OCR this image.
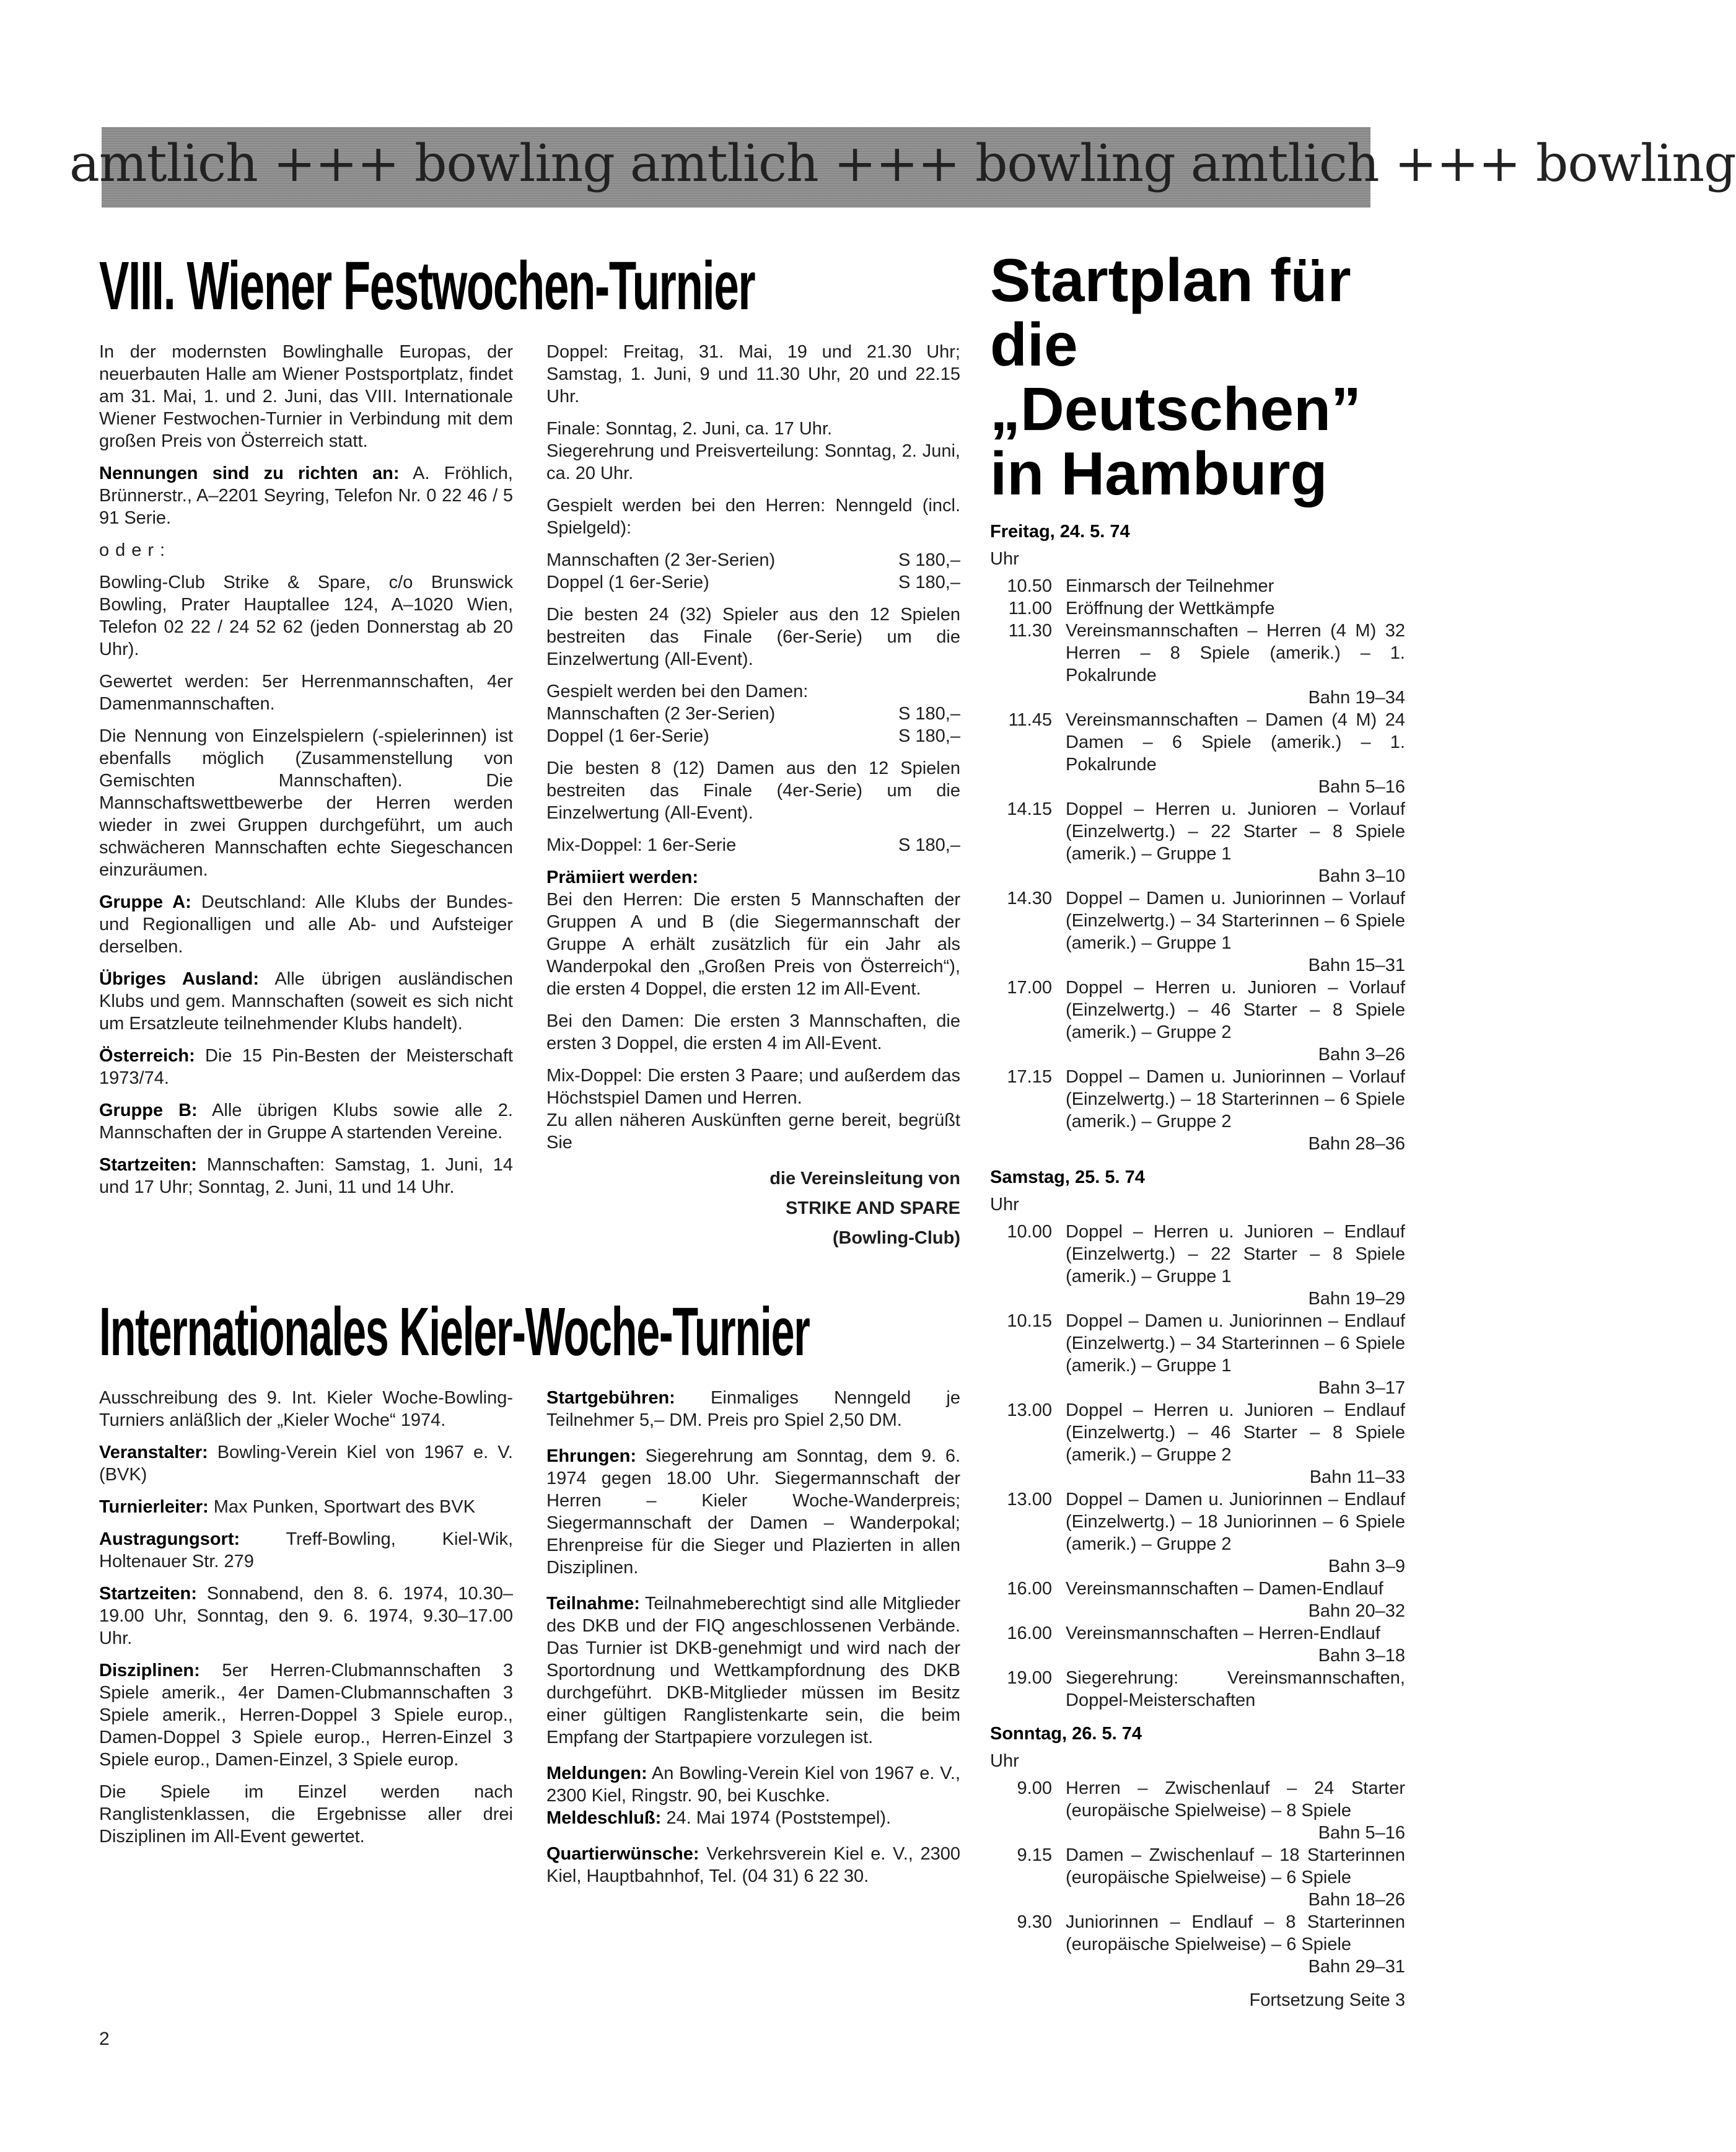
amtlich +++ bowling amtlich +++ bowling amtlich +++ bowling
VIII. Wiener Festwochen-Turnier

In der modernsten Bowlinghalle Europas, der neuerbauten Halle am Wiener Postsportplatz, findet am 31. Mai, 1. und 2. Juni, das VIII. Internationale Wiener Festwochen-Turnier in Verbindung mit dem großen Preis von Österreich statt.

Nennungen sind zu richten an: A. Fröhlich, Brünnerstr., A–2201 Seyring, Telefon Nr. 0 22 46 / 5 91 Serie.

oder:

Bowling-Club Strike & Spare, c/o Brunswick Bowling, Prater Hauptallee 124, A–1020 Wien, Telefon 02 22 / 24 52 62 (jeden Donnerstag ab 20 Uhr).

Gewertet werden: 5er Herrenmannschaften, 4er Damenmannschaften.

Die Nennung von Einzelspielern (-spielerinnen) ist ebenfalls möglich (Zusammenstellung von Gemischten Mannschaften). Die Mannschaftswettbewerbe der Herren werden wieder in zwei Gruppen durchgeführt, um auch schwächeren Mannschaften echte Siegeschancen einzuräumen.

Gruppe A: Deutschland: Alle Klubs der Bundes- und Regionalligen und alle Ab- und Aufsteiger derselben.

Übriges Ausland: Alle übrigen ausländischen Klubs und gem. Mannschaften (soweit es sich nicht um Ersatzleute teilnehmender Klubs handelt).

Österreich: Die 15 Pin-Besten der Meisterschaft 1973/74.

Gruppe B: Alle übrigen Klubs sowie alle 2. Mannschaften der in Gruppe A startenden Vereine.

Startzeiten: Mannschaften: Samstag, 1. Juni, 14 und 17 Uhr; Sonntag, 2. Juni, 11 und 14 Uhr.

Doppel: Freitag, 31. Mai, 19 und 21.30 Uhr; Samstag, 1. Juni, 9 und 11.30 Uhr, 20 und 22.15 Uhr.

Finale: Sonntag, 2. Juni, ca. 17 Uhr.

Siegerehrung und Preisverteilung: Sonntag, 2. Juni, ca. 20 Uhr.

Gespielt werden bei den Herren: Nenngeld (incl. Spielgeld):

Mannschaften (2 3er-Serien)	S 180,–
Doppel (1 6er-Serie)	S 180,–

Die besten 24 (32) Spieler aus den 12 Spielen bestreiten das Finale (6er-Serie) um die Einzelwertung (All-Event).

Gespielt werden bei den Damen:

Mannschaften (2 3er-Serien)	S 180,–
Doppel (1 6er-Serie)	S 180,–

Die besten 8 (12) Damen aus den 12 Spielen bestreiten das Finale (4er-Serie) um die Einzelwertung (All-Event).

Mix-Doppel: 1 6er-Serie	S 180,–

Prämiiert werden:

Bei den Herren: Die ersten 5 Mannschaften der Gruppen A und B (die Siegermannschaft der Gruppe A erhält zusätzlich für ein Jahr als Wanderpokal den „Großen Preis von Österreich“), die ersten 4 Doppel, die ersten 12 im All-Event.

Bei den Damen: Die ersten 3 Mannschaften, die ersten 3 Doppel, die ersten 4 im All-Event.

Mix-Doppel: Die ersten 3 Paare; und außerdem das Höchstspiel Damen und Herren.

Zu allen näheren Auskünften gerne bereit, begrüßt Sie

die Vereinsleitung von

STRIKE AND SPARE

(Bowling-Club)

Internationales Kieler-Woche-Turnier

Ausschreibung des 9. Int. Kieler Woche-Bowling-Turniers anläßlich der „Kieler Woche“ 1974.

Veranstalter: Bowling-Verein Kiel von 1967 e. V. (BVK)

Turnierleiter: Max Punken, Sportwart des BVK

Austragungsort: Treff-Bowling, Kiel-Wik, Holtenauer Str. 279

Startzeiten: Sonnabend, den 8. 6. 1974, 10.30–19.00 Uhr, Sonntag, den 9. 6. 1974, 9.30–17.00 Uhr.

Disziplinen: 5er Herren-Clubmannschaften 3 Spiele amerik., 4er Damen-Clubmannschaften 3 Spiele amerik., Herren-Doppel 3 Spiele europ., Damen-Doppel 3 Spiele europ., Herren-Einzel 3 Spiele europ., Damen-Einzel, 3 Spiele europ.

Die Spiele im Einzel werden nach Ranglistenklassen, die Ergebnisse aller drei Disziplinen im All-Event gewertet.

Startgebühren: Einmaliges Nenngeld je Teilnehmer 5,– DM. Preis pro Spiel 2,50 DM.

Ehrungen: Siegerehrung am Sonntag, dem 9. 6. 1974 gegen 18.00 Uhr. Siegermannschaft der Herren – Kieler Woche-Wanderpreis; Siegermannschaft der Damen – Wanderpokal; Ehrenpreise für die Sieger und Plazierten in allen Disziplinen.

Teilnahme: Teilnahmeberechtigt sind alle Mitglieder des DKB und der FIQ angeschlossenen Verbände. Das Turnier ist DKB-genehmigt und wird nach der Sportordnung und Wettkampfordnung des DKB durchgeführt. DKB-Mitglieder müssen im Besitz einer gültigen Ranglistenkarte sein, die beim Empfang der Startpapiere vorzulegen ist.

Meldungen: An Bowling-Verein Kiel von 1967 e. V., 2300 Kiel, Ringstr. 90, bei Kuschke.

Meldeschluß: 24. Mai 1974 (Poststempel).

Quartierwünsche: Verkehrsverein Kiel e. V., 2300 Kiel, Hauptbahnhof, Tel. (04 31) 6 22 30.

Startplan für
die
„Deutschen”
in Hamburg
Freitag, 24. 5. 74
Uhr
10.50 Einmarsch der Teilnehmer
11.00 Eröffnung der Wettkämpfe
11.30 Vereinsmannschaften – Herren (4 M) 32 Herren – 8 Spiele (amerik.) – 1. Pokalrunde
Bahn 19–34
11.45 Vereinsmannschaften – Damen (4 M) 24 Damen – 6 Spiele (amerik.) – 1. Pokalrunde
Bahn 5–16
14.15 Doppel – Herren u. Junioren – Vorlauf (Einzelwertg.) – 22 Starter – 8 Spiele (amerik.) – Gruppe 1
Bahn 3–10
14.30 Doppel – Damen u. Juniorinnen – Vorlauf (Einzelwertg.) – 34 Starterinnen – 6 Spiele (amerik.) – Gruppe 1
Bahn 15–31
17.00 Doppel – Herren u. Junioren – Vorlauf (Einzelwertg.) – 46 Starter – 8 Spiele (amerik.) – Gruppe 2
Bahn 3–26
17.15 Doppel – Damen u. Juniorinnen – Vorlauf (Einzelwertg.) – 18 Starterinnen – 6 Spiele (amerik.) – Gruppe 2
Bahn 28–36
Samstag, 25. 5. 74
Uhr
10.00 Doppel – Herren u. Junioren – Endlauf (Einzelwertg.) – 22 Starter – 8 Spiele (amerik.) – Gruppe 1
Bahn 19–29
10.15 Doppel – Damen u. Juniorinnen – Endlauf (Einzelwertg.) – 34 Starterinnen – 6 Spiele (amerik.) – Gruppe 1
Bahn 3–17
13.00 Doppel – Herren u. Junioren – Endlauf (Einzelwertg.) – 46 Starter – 8 Spiele (amerik.) – Gruppe 2
Bahn 11–33
13.00 Doppel – Damen u. Juniorinnen – Endlauf (Einzelwertg.) – 18 Juniorinnen – 6 Spiele (amerik.) – Gruppe 2
Bahn 3–9
16.00 Vereinsmannschaften – Damen-Endlauf
Bahn 20–32
16.00 Vereinsmannschaften – Herren-Endlauf
Bahn 3–18
19.00 Siegerehrung: Vereinsmannschaften, Doppel-Meisterschaften
Sonntag, 26. 5. 74
Uhr
9.00 Herren – Zwischenlauf – 24 Starter (europäische Spielweise) – 8 Spiele
Bahn 5–16
9.15 Damen – Zwischenlauf – 18 Starterinnen (europäische Spielweise) – 6 Spiele
Bahn 18–26
9.30 Juniorinnen – Endlauf – 8 Starterinnen (europäische Spielweise) – 6 Spiele
Bahn 29–31
Fortsetzung Seite 3
2
